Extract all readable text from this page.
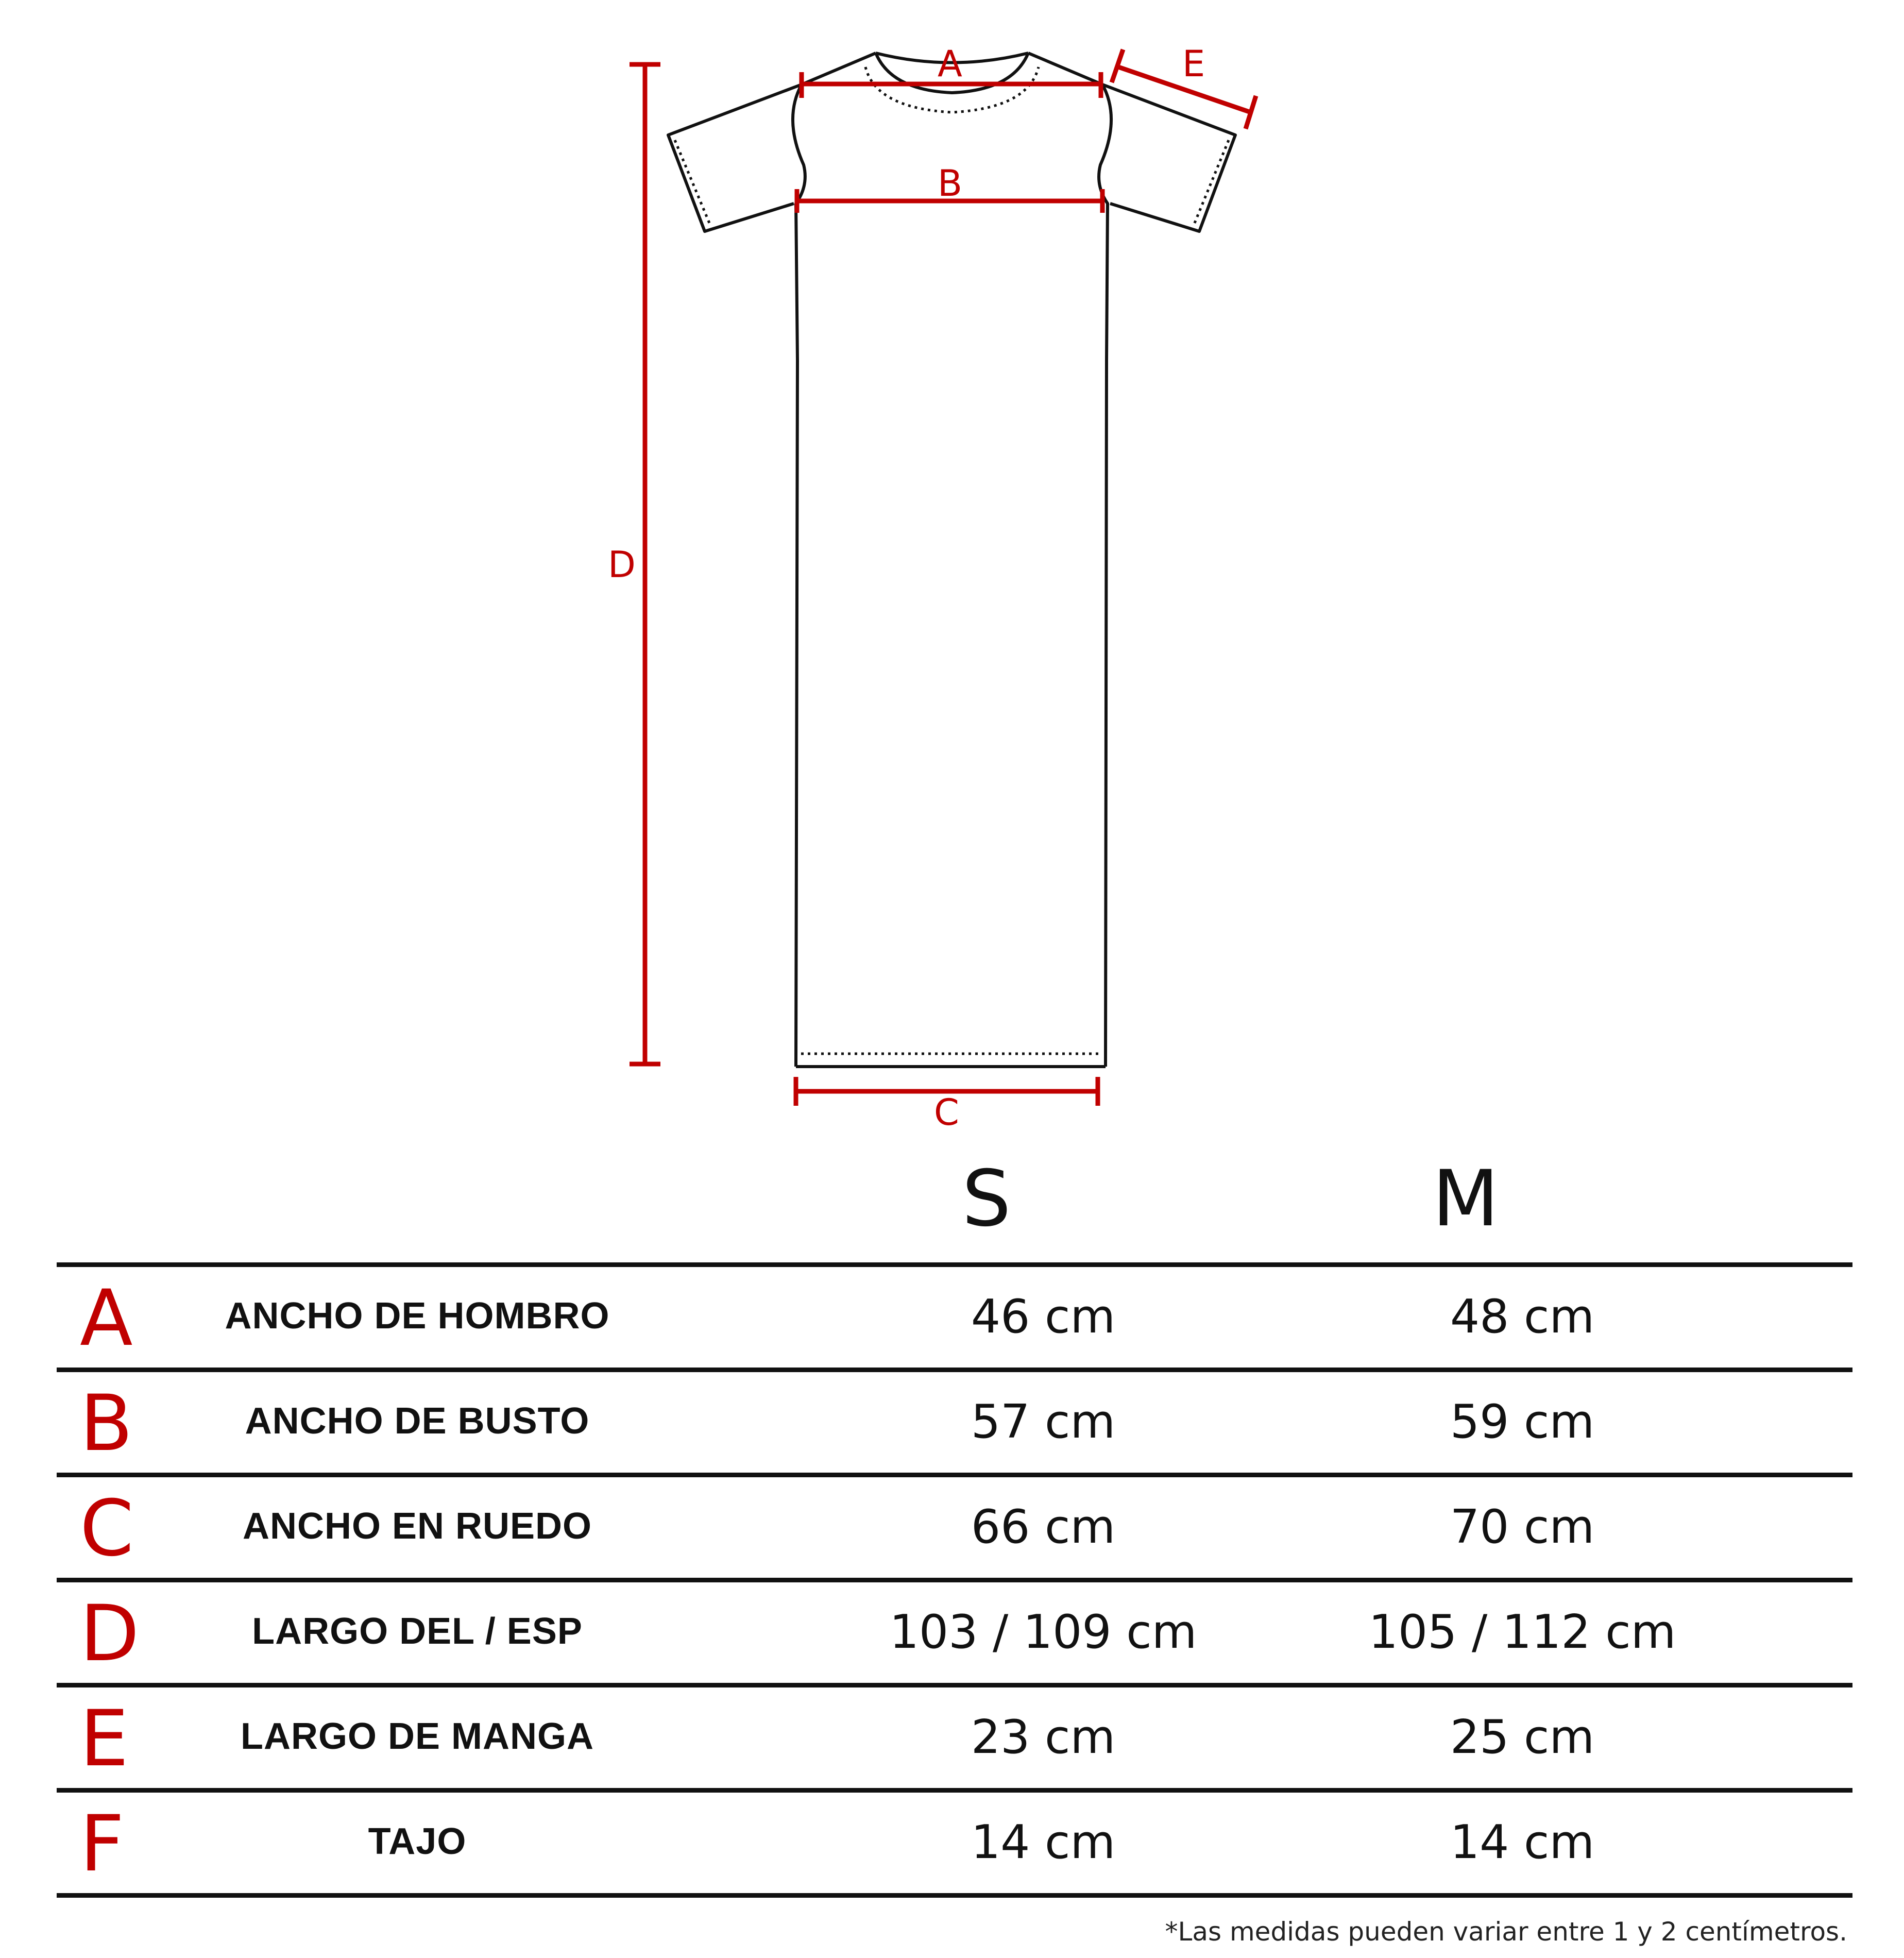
A
B
C
D
E
S	M
A	ANCHO DE HOMBRO	46 cm	48 cm
B	ANCHO DE BUSTO	57 cm	59 cm
C	ANCHO EN RUEDO	66 cm	70 cm
D	LARGO DEL / ESP	103 / 109 cm	105 / 112 cm
E	LARGO DE MANGA	23 cm	25 cm
F	TAJO	14 cm	14 cm
*Las medidas pueden variar entre 1 y 2 centímetros.
